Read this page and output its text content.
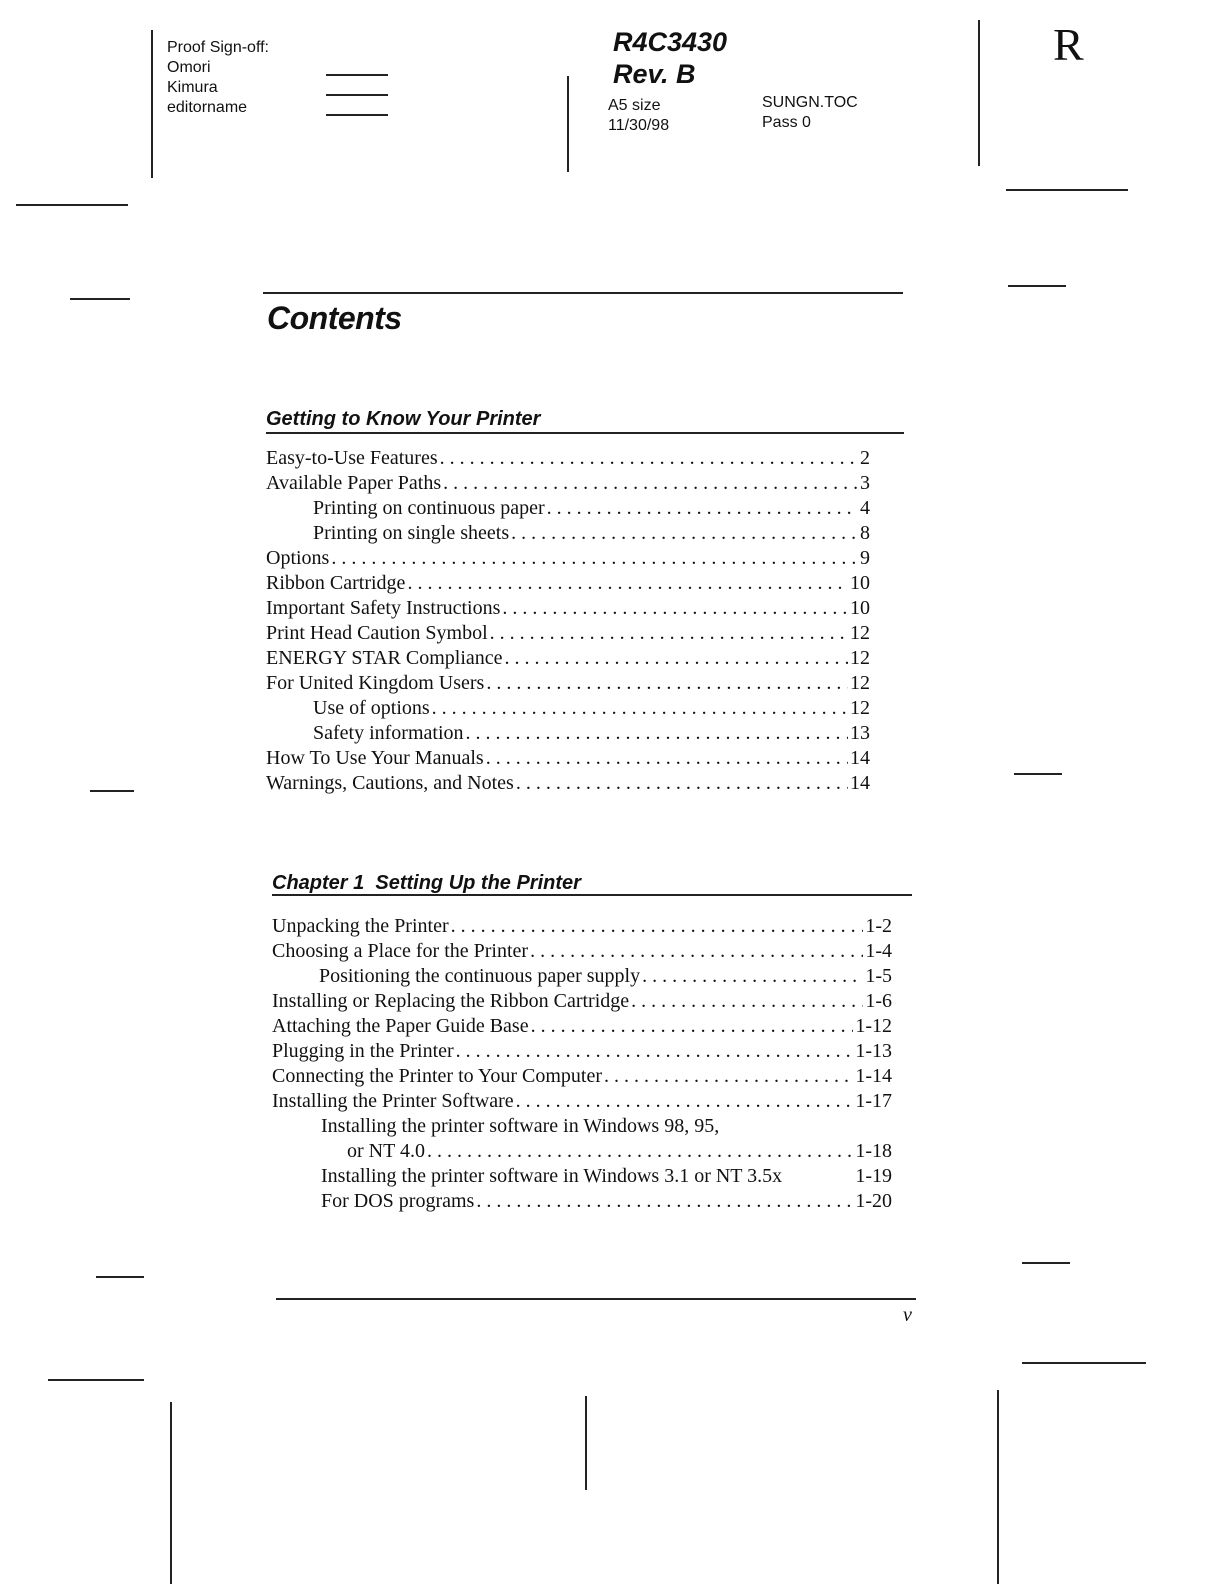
Proof Sign-off:
Omori
Kimura
editorname
R4C3430
Rev. B
A5 size
11/30/98
SUNGN.TOC
Pass 0
R
Contents
Getting to Know Your Printer
Easy-to-Use Features . . .	2
Available Paper Paths . . .	3
Printing on continuous paper . . .	4
Printing on single sheets . . .	8
Options . . .	9
Ribbon Cartridge . . .	10
Important Safety Instructions . . .	10
Print Head Caution Symbol . . .	12
ENERGY STAR Compliance . . .	12
For United Kingdom Users . . .	12
Use of options . . .	12
Safety information . . .	13
How To Use Your Manuals . . .	14
Warnings, Cautions, and Notes . . .	14
Chapter 1  Setting Up the Printer
Unpacking the Printer . . .	1-2
Choosing a Place for the Printer . . .	1-4
Positioning the continuous paper supply . . .	1-5
Installing or Replacing the Ribbon Cartridge . . .	1-6
Attaching the Paper Guide Base . . .	1-12
Plugging in the Printer . . .	1-13
Connecting the Printer to Your Computer . . .	1-14
Installing the Printer Software . . .	1-17
Installing the printer software in Windows 98, 95,
or NT 4.0 . . .	1-18
Installing the printer software in Windows 3.1 or NT 3.5x	1-19
For DOS programs . . .	1-20
v
